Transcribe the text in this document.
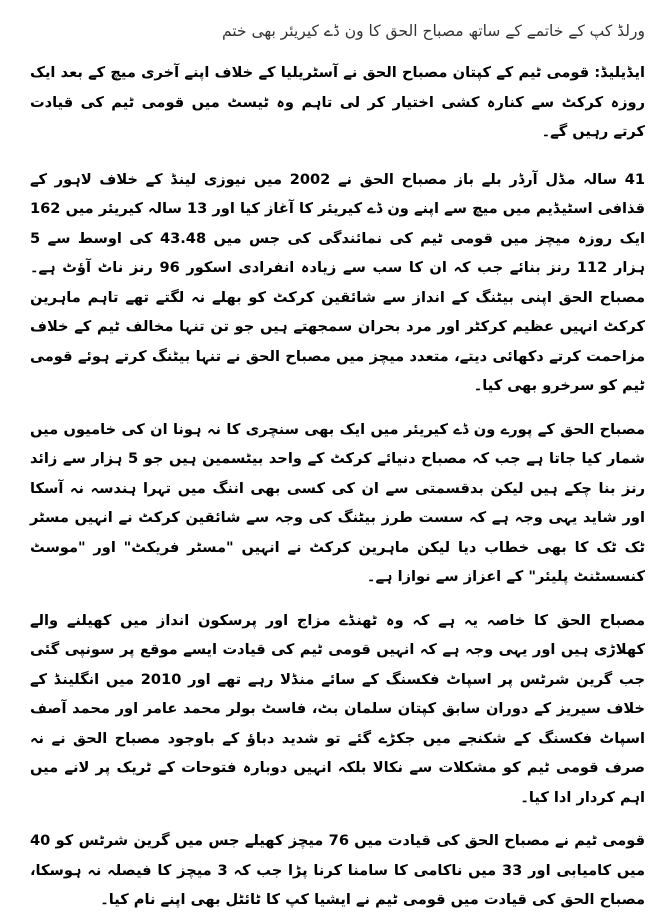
ورلڈ کپ کے خاتمے کے ساتھ مصباح الحق کا ون ڈے کیریئر بھی ختم

ایڈیلیڈ: قومی ٹیم کے کپتان مصباح الحق نے آسٹریلیا کے خلاف اپنے آخری میچ کے بعد ایک روزہ کرکٹ سے کنارہ کشی اختیار کر لی تاہم وہ ٹیسٹ میں قومی ٹیم کی قیادت کرتے رہیں گے۔

41 سالہ مڈل آرڈر بلے باز مصباح الحق نے 2002 میں نیوزی لینڈ کے خلاف لاہور کے قذافی اسٹیڈیم میں میچ سے اپنے ون ڈے کیریئر کا آغاز کیا اور 13 سالہ کیریئر میں 162 ایک روزہ میچز میں قومی ٹیم کی نمائندگی کی جس میں 43.48 کی اوسط سے 5 ہزار 112 رنز بنائے جب کہ ان کا سب سے زیادہ انفرادی اسکور 96 رنز ناٹ آؤٹ ہے۔ مصباح الحق اپنی بیٹنگ کے انداز سے شائقین کرکٹ کو بھلے نہ لگتے تھے تاہم ماہرین کرکٹ انہیں عظیم کرکٹر اور مرد بحران سمجھتے ہیں جو تن تنہا مخالف ٹیم کے خلاف مزاحمت کرتے دکھائی دیتے، متعدد میچز میں مصباح الحق نے تنہا بیٹنگ کرتے ہوئے قومی ٹیم کو سرخرو بھی کیا۔

مصباح الحق کے پورے ون ڈے کیریئر میں ایک بھی سنچری کا نہ ہونا ان کی خامیوں میں شمار کیا جاتا ہے جب کہ مصباح دنیائے کرکٹ کے واحد بیٹسمین ہیں جو 5 ہزار سے زائد رنز بنا چکے ہیں لیکن بدقسمتی سے ان کی کسی بھی اننگ میں تہرا ہندسہ نہ آسکا اور شاید یہی وجہ ہے کہ سست طرز بیٹنگ کی وجہ سے شائقین کرکٹ نے انہیں مسٹر ٹک ٹک کا بھی خطاب دیا لیکن ماہرین کرکٹ نے انہیں "مسٹر فریکٹ" اور "موسٹ کنسسٹنٹ پلیئر" کے اعزاز سے نوازا ہے۔

مصباح الحق کا خاصہ یہ ہے کہ وہ ٹھنڈے مزاج اور پرسکون انداز میں کھیلنے والے کھلاڑی ہیں اور یہی وجہ ہے کہ انہیں قومی ٹیم کی قیادت ایسے موقع پر سونپی گئی جب گرین شرٹس پر اسپاٹ فکسنگ کے سائے منڈلا رہے تھے اور 2010 میں انگلینڈ کے خلاف سیریز کے دوران سابق کپتان سلمان بٹ، فاسٹ بولر محمد عامر اور محمد آصف اسپاٹ فکسنگ کے شکنجے میں جکڑے گئے تو شدید دباؤ کے باوجود مصباح الحق نے نہ صرف قومی ٹیم کو مشکلات سے نکالا بلکہ انہیں دوبارہ فتوحات کے ٹریک پر لانے میں اہم کردار ادا کیا۔

قومی ٹیم نے مصباح الحق کی قیادت میں 76 میچز کھیلے جس میں گرین شرٹس کو 40 میں کامیابی اور 33 میں ناکامی کا سامنا کرنا پڑا جب کہ 3 میچز کا فیصلہ نہ ہوسکا، مصباح الحق کی قیادت میں قومی ٹیم نے ایشیا کپ کا ٹائٹل بھی اپنے نام کیا۔
